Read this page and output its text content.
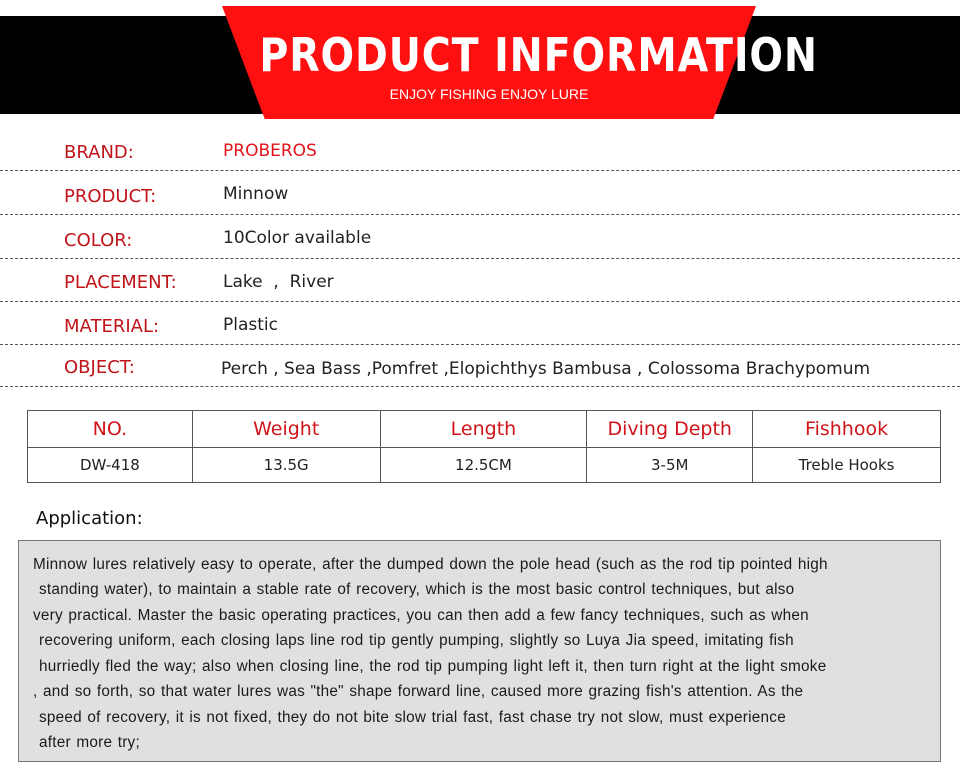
PRODUCT INFORMATION
ENJOY FISHING ENJOY LURE
BRAND:	PROBEROS
PRODUCT:	Minnow
COLOR:	10Color available
PLACEMENT:	Lake  ,  River
MATERIAL:	Plastic
OBJECT:	Perch , Sea Bass ,Pomfret ,Elopichthys Bambusa , Colossoma Brachypomum
NO.	Weight	Length	Diving Depth	Fishhook
DW-418	13.5G	12.5CM	3-5M	Treble Hooks
Application:
Minnow lures relatively easy to operate, after the dumped down the pole head (such as the rod tip pointed high
standing water), to maintain a stable rate of recovery, which is the most basic control techniques, but also
very practical. Master the basic operating practices, you can then add a few fancy techniques, such as when
recovering uniform, each closing laps line rod tip gently pumping, slightly so Luya Jia speed, imitating fish
hurriedly fled the way; also when closing line, the rod tip pumping light left it, then turn right at the light smoke
, and so forth, so that water lures was "the" shape forward line, caused more grazing fish's attention. As the
speed of recovery, it is not fixed, they do not bite slow trial fast, fast chase try not slow, must experience
after more try;
